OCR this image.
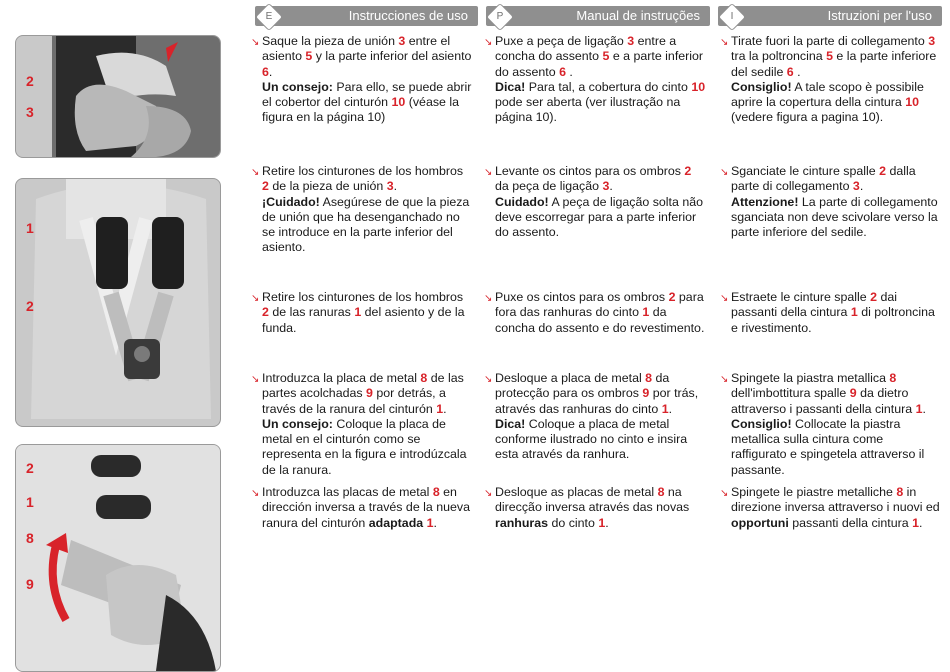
E	Instrucciones de uso	P	Manual de instruções	I	Istruzioni per l'uso
2
3
1
2
2
1
8
9
↘ Saque la pieza de unión 3 entre el asiento 5 y la parte inferior del asiento 6.
Un consejo: Para ello, se puede abrir el cobertor del cinturón 10 (véase la figura en la página 10)
↘ Retire los cinturones de los hombros 2 de la pieza de unión 3.
¡Cuidado! Asegúrese de que la pieza de unión que ha desenganchado no se introduce en la parte inferior del asiento.
↘ Retire los cinturones de los hombros 2 de las ranuras 1 del asiento y de la funda.
↘ Introduzca la placa de metal 8 de las partes acolchadas 9 por detrás, a través de la ranura del cinturón 1.
Un consejo: Coloque la placa de metal en el cinturón como se representa en la figura e introdúzcala de la ranura.
↘ Introduzca las placas de metal 8 en dirección inversa a través de la nueva ranura del cinturón adaptada 1.
↘ Puxe a peça de ligação 3 entre a concha do assento 5 e a parte inferior do assento 6 .
Dica! Para tal, a cobertura do cinto 10 pode ser aberta (ver ilustração na página 10).
↘ Levante os cintos para os ombros 2 da peça de ligação 3.
Cuidado! A peça de ligação solta não deve escorregar para a parte inferior do assento.
↘ Puxe os cintos para os ombros 2 para fora das ranhuras do cinto 1 da concha do assento e do revestimento.
↘ Desloque a placa de metal 8 da protecção para os ombros 9 por trás, através das ranhuras do cinto 1.
Dica! Coloque a placa de metal conforme ilustrado no cinto e insira esta através da ranhura.
↘ Desloque as placas de metal 8 na direcção inversa através das novas ranhuras do cinto 1.
↘ Tirate fuori la parte di collegamento 3 tra la poltroncina 5 e la parte inferiore del sedile 6 .
Consiglio! A tale scopo è possibile aprire la copertura della cintura 10 (vedere figura a pagina 10).
↘ Sganciate le cinture spalle 2 dalla parte di collegamento 3.
Attenzione! La parte di collegamento sganciata non deve scivolare verso la parte inferiore del sedile.
↘ Estraete le cinture spalle 2 dai passanti della cintura 1 di poltroncina e rivestimento.
↘ Spingete la piastra metallica 8 dell'imbottitura spalle 9 da dietro attraverso i passanti della cintura 1.
Consiglio! Collocate la piastra metallica sulla cintura come raffigurato e spingetela attraverso il passante.
↘ Spingete le piastre metalliche 8 in direzione inversa attraverso i nuovi ed opportuni passanti della cintura 1.
